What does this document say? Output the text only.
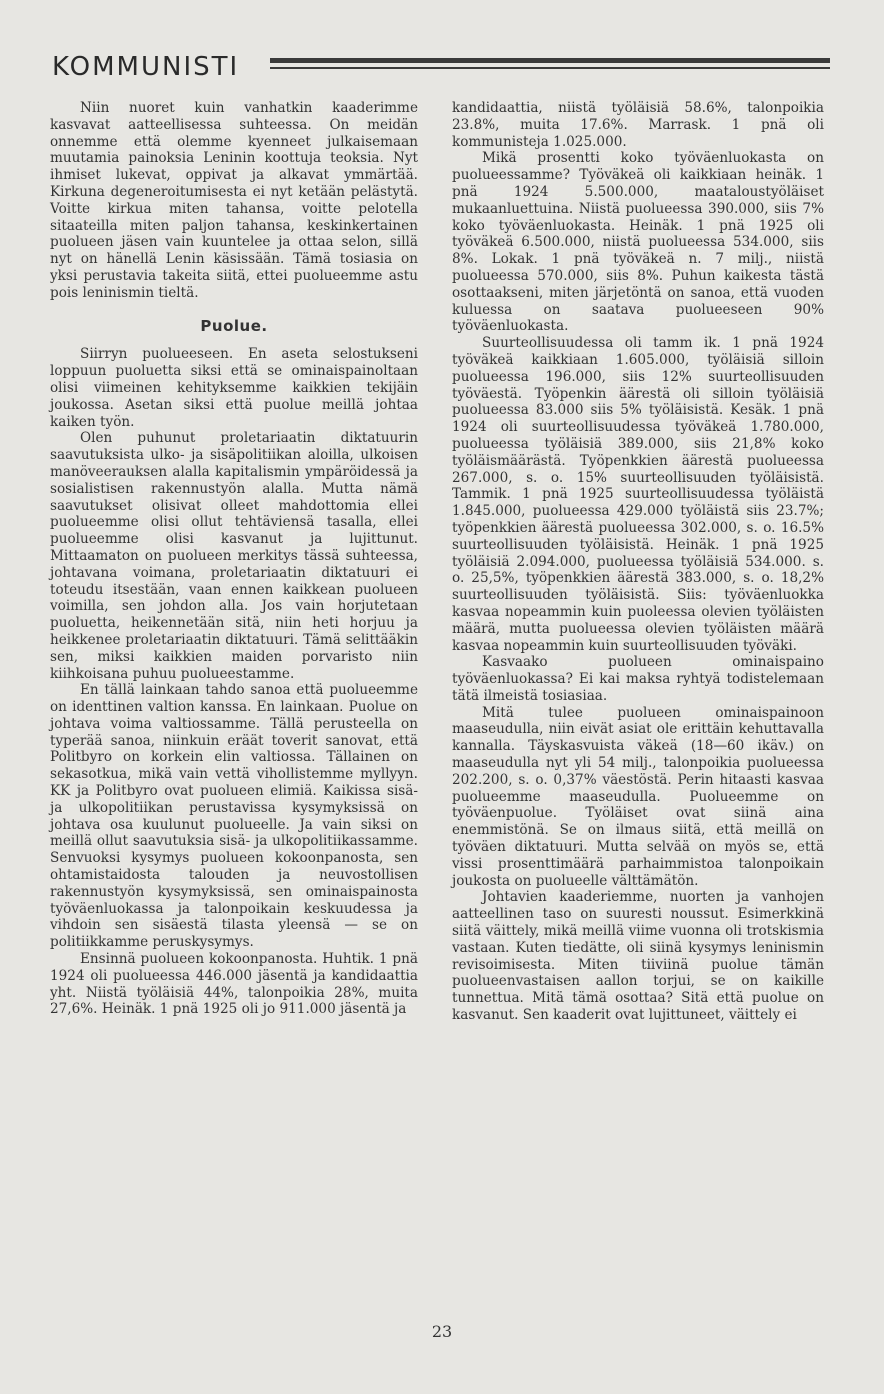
KOMMUNISTI

Niin nuoret kuin vanhatkin kaaderimme kasvavat aatteellisessa suhteessa. On meidän onnemme että olemme kyenneet julkaisemaan muutamia painoksia Leninin koottuja teoksia. Nyt ihmiset lukevat, oppivat ja alkavat ymmärtää. Kirkuna degeneroitumisesta ei nyt ketään pelästytä. Voitte kirkua miten tahansa, voitte pelotella sitaateilla miten paljon tahansa, keskinkertainen puolueen jäsen vain kuuntelee ja ottaa selon, sillä nyt on hänellä Lenin käsissään. Tämä tosiasia on yksi perustavia takeita siitä, ettei puolueemme astu pois leninismin tieltä.

Puolue.

Siirryn puolueeseen. En aseta selostukseni loppuun puoluetta siksi että se ominaispainoltaan olisi viimeinen kehityksemme kaikkien tekijäin joukossa. Asetan siksi että puolue meillä johtaa kaiken työn.

Olen puhunut proletariaatin diktatuurin saavutuksista ulko- ja sisäpolitiikan aloilla, ulkoisen manöveerauksen alalla kapitalismin ympäröidessä ja sosialistisen rakennustyön alalla. Mutta nämä saavutukset olisivat olleet mahdottomia ellei puolueemme olisi ollut tehtäviensä tasalla, ellei puolueemme olisi kasvanut ja lujittunut. Mittaamaton on puolueen merkitys tässä suhteessa, johtavana voimana, proletariaatin diktatuuri ei toteudu itsestään, vaan ennen kaikkean puolueen voimilla, sen johdon alla. Jos vain horjutetaan puoluetta, heikennetään sitä, niin heti horjuu ja heikkenee proletariaatin diktatuuri. Tämä selittääkin sen, miksi kaikkien maiden porvaristo niin kiihkoisana puhuu puolueestamme.

En tällä lainkaan tahdo sanoa että puolueemme on identtinen valtion kanssa. En lainkaan. Puolue on johtava voima valtiossamme. Tällä perusteella on typerää sanoa, niinkuin eräät toverit sanovat, että Politbyro on korkein elin valtiossa. Tällainen on sekasotkua, mikä vain vettä vihollistemme myllyyn. KK ja Politbyro ovat puolueen elimiä. Kaikissa sisä- ja ulkopolitiikan perustavissa kysymyksissä on johtava osa kuulunut puolueelle. Ja vain siksi on meillä ollut saavutuksia sisä- ja ulkopolitiikassamme. Senvuoksi kysymys puolueen kokoonpanosta, sen ohtamistaidosta talouden ja neuvostollisen rakennustyön kysymyksissä, sen ominaispainosta työväenluokassa ja talonpoikain keskuudessa ja vihdoin sen sisäestä tilasta yleensä — se on politiikkamme peruskysymys.

Ensinnä puolueen kokoonpanosta. Huhtik. 1 pnä 1924 oli puolueessa 446.000 jäsentä ja kandidaattia yht. Niistä työläisiä 44%, talonpoikia 28%, muita 27,6%. Heinäk. 1 pnä 1925 oli jo 911.000 jäsentä ja

kandidaattia, niistä työläisiä 58.6%, talonpoikia 23.8%, muita 17.6%. Marrask. 1 pnä oli kommunisteja 1.025.000.

Mikä prosentti koko työväenluokasta on puolueessamme? Työväkeä oli kaikkiaan heinäk. 1 pnä 1924 5.500.000, maataloustyöläiset mukaanluettuina. Niistä puolueessa 390.000, siis 7% koko työväenluokasta. Heinäk. 1 pnä 1925 oli työväkeä 6.500.000, niistä puolueessa 534.000, siis 8%. Lokak. 1 pnä työväkeä n. 7 milj., niistä puolueessa 570.000, siis 8%. Puhun kaikesta tästä osottaakseni, miten järjetöntä on sanoa, että vuoden kuluessa on saatava puolueeseen 90% työväenluokasta.

Suurteollisuudessa oli tamm ik. 1 pnä 1924 työväkeä kaikkiaan 1.605.000, työläisiä silloin puolueessa 196.000, siis 12% suurteollisuuden työväestä. Työpenkin äärestä oli silloin työläisiä puolueessa 83.000 siis 5% työläisistä. Kesäk. 1 pnä 1924 oli suurteollisuudessa työväkeä 1.780.000, puolueessa työläisiä 389.000, siis 21,8% koko työläismäärästä. Työpenkkien äärestä puolueessa 267.000, s. o. 15% suurteollisuuden työläisistä. Tammik. 1 pnä 1925 suurteollisuudessa työläistä 1.845.000, puolueessa 429.000 työläistä siis 23.7%; työpenkkien äärestä puolueessa 302.000, s. o. 16.5% suurteollisuuden työläisistä. Heinäk. 1 pnä 1925 työläisiä 2.094.000, puolueessa työläisiä 534.000. s. o. 25,5%, työpenkkien äärestä 383.000, s. o. 18,2% suurteollisuuden työläisistä. Siis: työväenluokka kasvaa nopeammin kuin puoleessa olevien työläisten määrä, mutta puolueessa olevien työläisten määrä kasvaa nopeammin kuin suurteollisuuden työväki.

Kasvaako puolueen ominaispaino työväenluokassa? Ei kai maksa ryhtyä todistelemaan tätä ilmeistä tosiasiaa.

Mitä tulee puolueen ominaispainoon maaseudulla, niin eivät asiat ole erittäin kehuttavalla kannalla. Täyskasvuista väkeä (18—60 ikäv.) on maaseudulla nyt yli 54 milj., talonpoikia puolueessa 202.200, s. o. 0,37% väestöstä. Perin hitaasti kasvaa puolueemme maaseudulla. Puolueemme on työväenpuolue. Työläiset ovat siinä aina enemmistönä. Se on ilmaus siitä, että meillä on työväen diktatuuri. Mutta selvää on myös se, että vissi prosenttimäärä parhaimmistoa talonpoikain joukosta on puolueelle välttämätön.

Johtavien kaaderiemme, nuorten ja vanhojen aatteellinen taso on suuresti noussut. Esimerkkinä siitä väittely, mikä meillä viime vuonna oli trotskismia vastaan. Kuten tiedätte, oli siinä kysymys leninismin revisoimisesta. Miten tiiviinä puolue tämän puolueenvastaisen aallon torjui, se on kaikille tunnettua. Mitä tämä osottaa? Sitä että puolue on kasvanut. Sen kaaderit ovat lujittuneet, väittely ei

23
